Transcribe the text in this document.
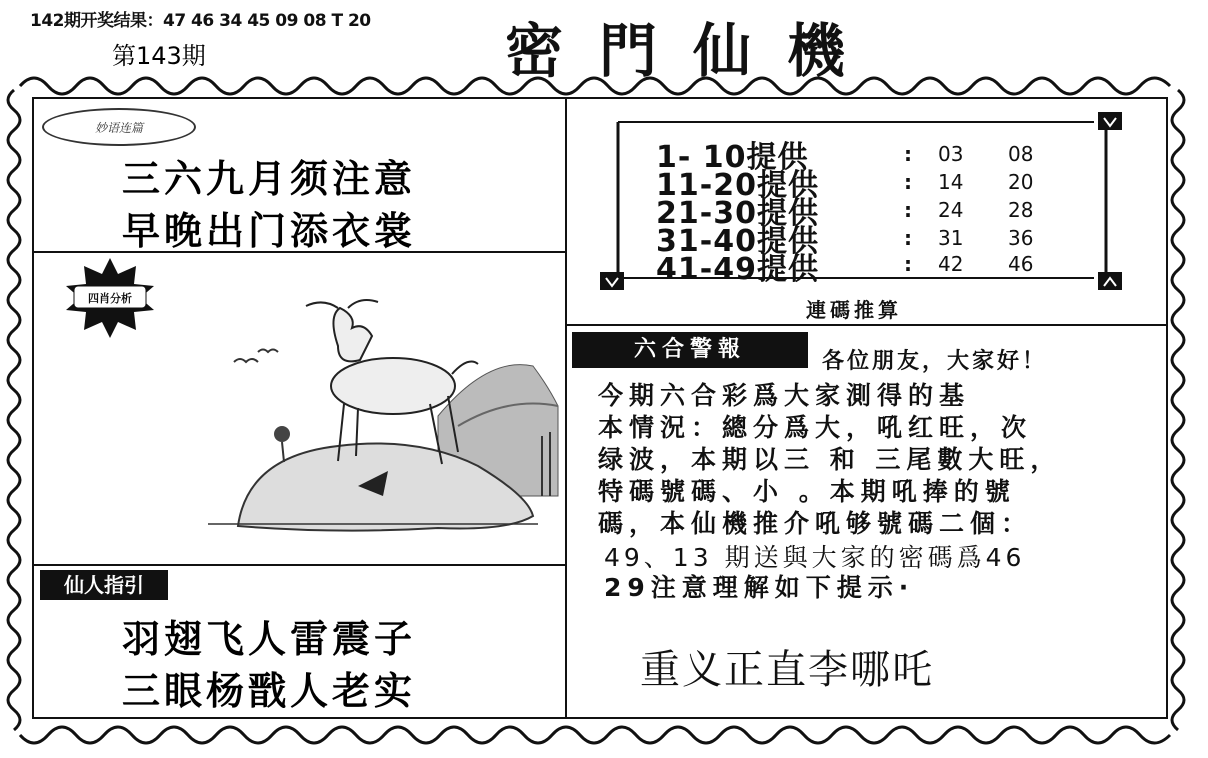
142期开奖结果：47 46 34 45 09 08 T 20
第143期	密門仙機
妙语连篇
三六九月须注意
早晚出门添衣裳
四肖分析
仙人指引
羽翅飞人雷震子
三眼杨戬人老实
1- 10提供
11-20提供
21-30提供
31-40提供
41-49提供
:
:
:
:
:
03 08
14 20
24 28
31 36
42 46
連碼推算
六合警報	各位朋友，大家好！
今期六合彩爲大家測得的基
本情況：總分爲大，吼红旺，次
绿波，本期以三 和 三尾數大旺，
特碼號碼、小 。本期吼捧的號
碼，本仙機推介吼够號碼二個：
49、13 期送與大家的密碼爲46
29注意理解如下提示·
重义正直李哪吒
